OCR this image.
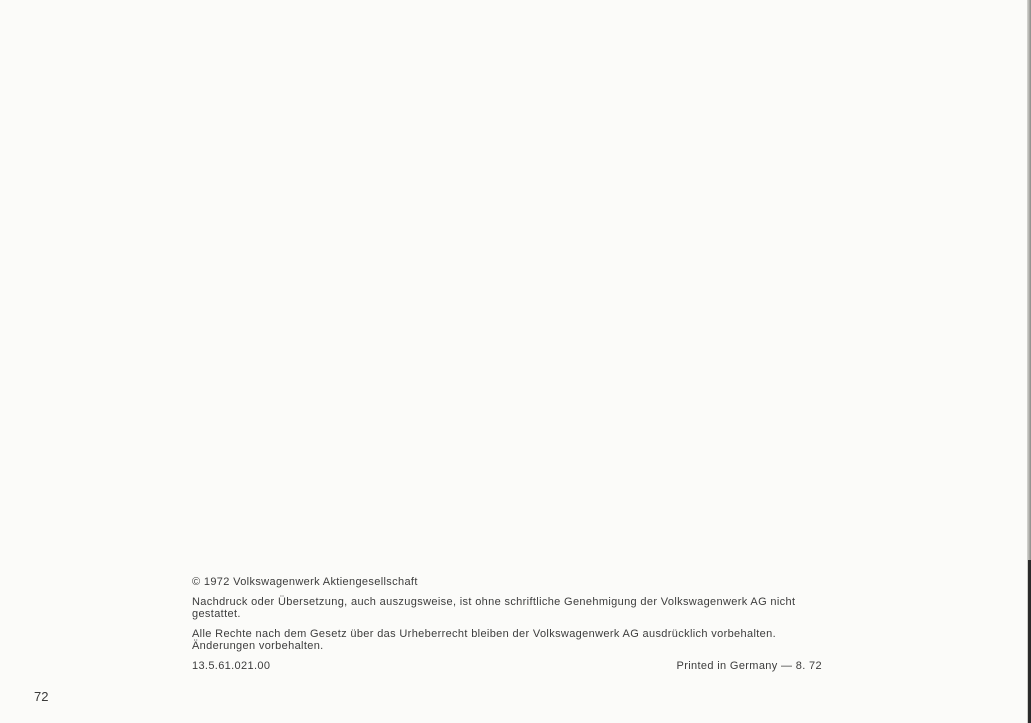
© 1972 Volkswagenwerk Aktiengesellschaft

Nachdruck oder Übersetzung, auch auszugsweise, ist ohne schriftliche Genehmigung der Volkswagenwerk AG nicht gestattet.

Alle Rechte nach dem Gesetz über das Urheberrecht bleiben der Volkswagenwerk AG ausdrücklich vorbehalten. Änderungen vorbehalten.

13.5.61.021.00	Printed in Germany — 8. 72
72
